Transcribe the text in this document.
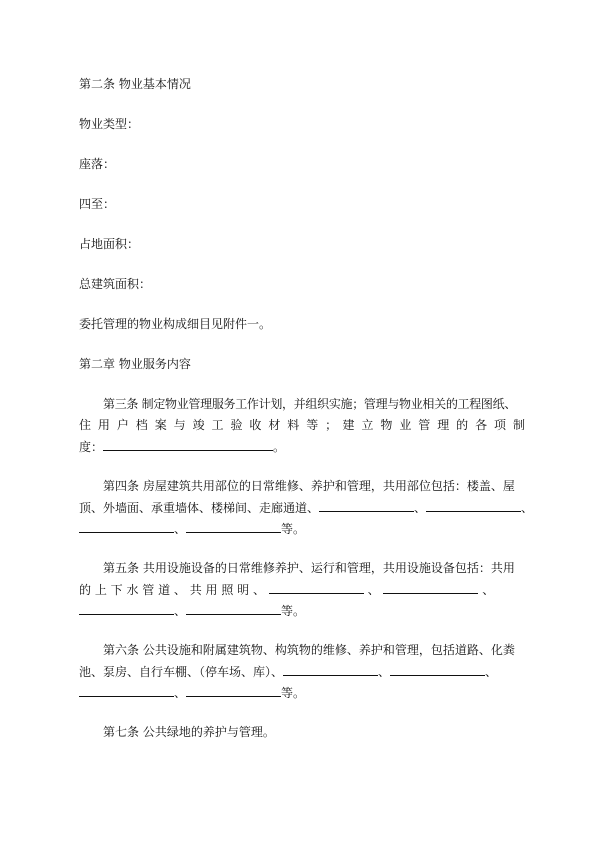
第二条 物业基本情况
物业类型：
座落：
四至：
占地面积：
总建筑面积：
委托管理的物业构成细目见附件一。
第二章 物业服务内容
第三条 制定物业管理服务工作计划，并组织实施；管理与物业相关的工程图纸、
住 用 户 档 案 与 竣 工 验 收 材 料 等 ； 建 立 物 业 管 理 的 各 项 制
度：	。
第四条 房屋建筑共用部位的日常维修、养护和管理，共用部位包括：楼盖、屋
顶、外墙面、承重墙体、楼梯间、走廊通道、	、	、
、	等。
第五条 共用设施设备的日常维修养护、运行和管理，共用设施设备包括：共用
的 上 下 水 管 道 、 共 用 照 明 、	、	、
、	等。
第六条 公共设施和附属建筑物、构筑物的维修、养护和管理，包括道路、化粪
池、泵房、自行车棚、（停车场、库）、	、	、
、	等。
第七条 公共绿地的养护与管理。
